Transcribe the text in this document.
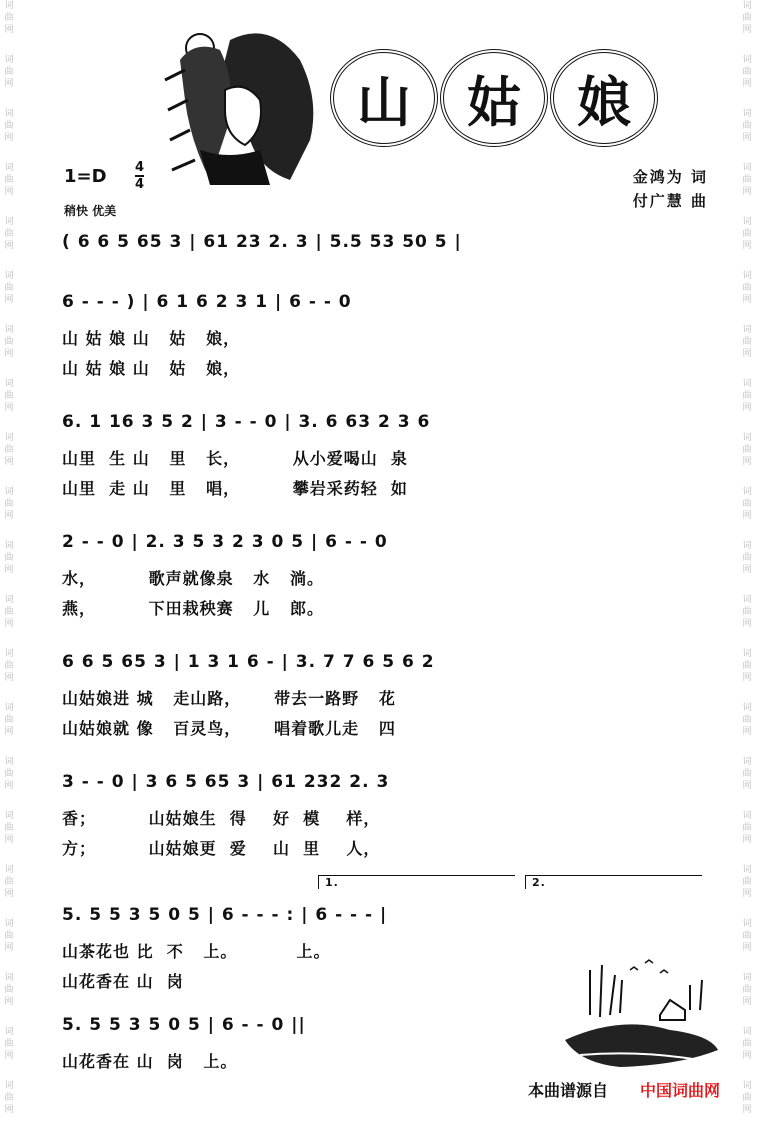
词曲网
词曲网
词曲网
词曲网
词曲网
词曲网
词曲网
词曲网
词曲网
词曲网
词曲网
词曲网
词曲网
词曲网
词曲网
词曲网
词曲网
词曲网
词曲网
词曲网
词曲网
词曲网
词曲网
词曲网
词曲网
词曲网
词曲网
词曲网
词曲网
词曲网
词曲网
词曲网
词曲网
词曲网
词曲网
词曲网
词曲网
词曲网
词曲网
词曲网
词曲网
词曲网
山 姑 娘
$1=D \frac{4}{4}$
稍快 优美
金鸿为 词
付广慧 曲
( 6 6 5 65 3 | 61 23 2. 3 | 5.5 53 50 5 |
6 - - - ) | 6 1 6 2 3 1 | 6 - - 0
山 姑 娘 山   姑   娘，
山 姑 娘 山   姑   娘，
6. 1 16 3 5 2 | 3 - - 0 | 3. 6 63 2 3 6
山里  生 山   里   长，        从小爱喝山  泉
山里  走 山   里   唱，        攀岩采药轻  如
2 - - 0 | 2. 3 5 3 2 3 0 5 | 6 - - 0
水，        歌声就像泉   水   淌。
燕，        下田栽秧赛   儿   郎。
6 6 5 65 3 | 1 3 1 6 - | 3. 7 7 6 5 6 2
山姑娘进 城   走山路，     带去一路野   花
山姑娘就 像   百灵鸟，     唱着歌儿走   四
3 - - 0 | 3 6 5 65 3 | 61 232 2. 3
香；        山姑娘生  得    好  模    样，
方；        山姑娘更  爱    山  里    人，
5. 5 5 3 5 0 5 | 6 - - - : | 6 - - - |
1.	2.
山茶花也 比  不   上。         上。
山花香在 山  岗
5. 5 5 3 5 0 5 | 6 - - 0 ||
山花香在 山  岗   上。
本曲谱源自 中国词曲网
